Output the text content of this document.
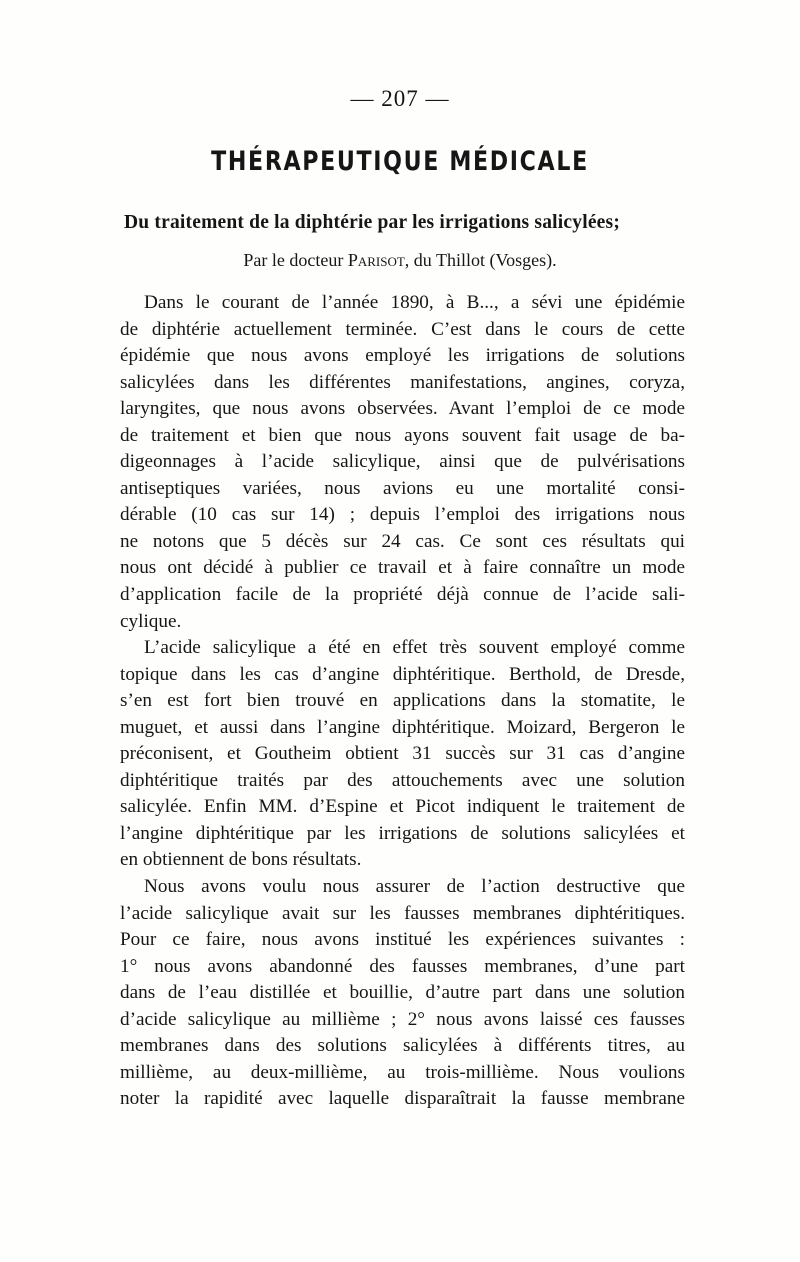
— 207 —
THÉRAPEUTIQUE MÉDICALE
Du traitement de la diphtérie par les irrigations salicylées;
Par le docteur Parisot, du Thillot (Vosges).
Dans le courant de l’année 1890, à B..., a sévi une épidémie
de diphtérie actuellement terminée. C’est dans le cours de cette
épidémie que nous avons employé les irrigations de solutions
salicylées dans les différentes manifestations, angines, coryza,
laryngites, que nous avons observées. Avant l’emploi de ce mode
de traitement et bien que nous ayons souvent fait usage de ba-
digeonnages à l’acide salicylique, ainsi que de pulvérisations
antiseptiques variées, nous avions eu une mortalité consi-
dérable (10 cas sur 14) ; depuis l’emploi des irrigations nous
ne notons que 5 décès sur 24 cas. Ce sont ces résultats qui
nous ont décidé à publier ce travail et à faire connaître un mode
d’application facile de la propriété déjà connue de l’acide sali-
cylique.
L’acide salicylique a été en effet très souvent employé comme
topique dans les cas d’angine diphtéritique. Berthold, de Dresde,
s’en est fort bien trouvé en applications dans la stomatite, le
muguet, et aussi dans l’angine diphtéritique. Moizard, Bergeron le
préconisent, et Goutheim obtient 31 succès sur 31 cas d’angine
diphtéritique traités par des attouchements avec une solution
salicylée. Enfin MM. d’Espine et Picot indiquent le traitement de
l’angine diphtéritique par les irrigations de solutions salicylées et
en obtiennent de bons résultats.
Nous avons voulu nous assurer de l’action destructive que
l’acide salicylique avait sur les fausses membranes diphtéritiques.
Pour ce faire, nous avons institué les expériences suivantes :
1° nous avons abandonné des fausses membranes, d’une part
dans de l’eau distillée et bouillie, d’autre part dans une solution
d’acide salicylique au millième ; 2° nous avons laissé ces fausses
membranes dans des solutions salicylées à différents titres, au
millième, au deux-millième, au trois-millième. Nous voulions
noter la rapidité avec laquelle disparaîtrait la fausse membrane
